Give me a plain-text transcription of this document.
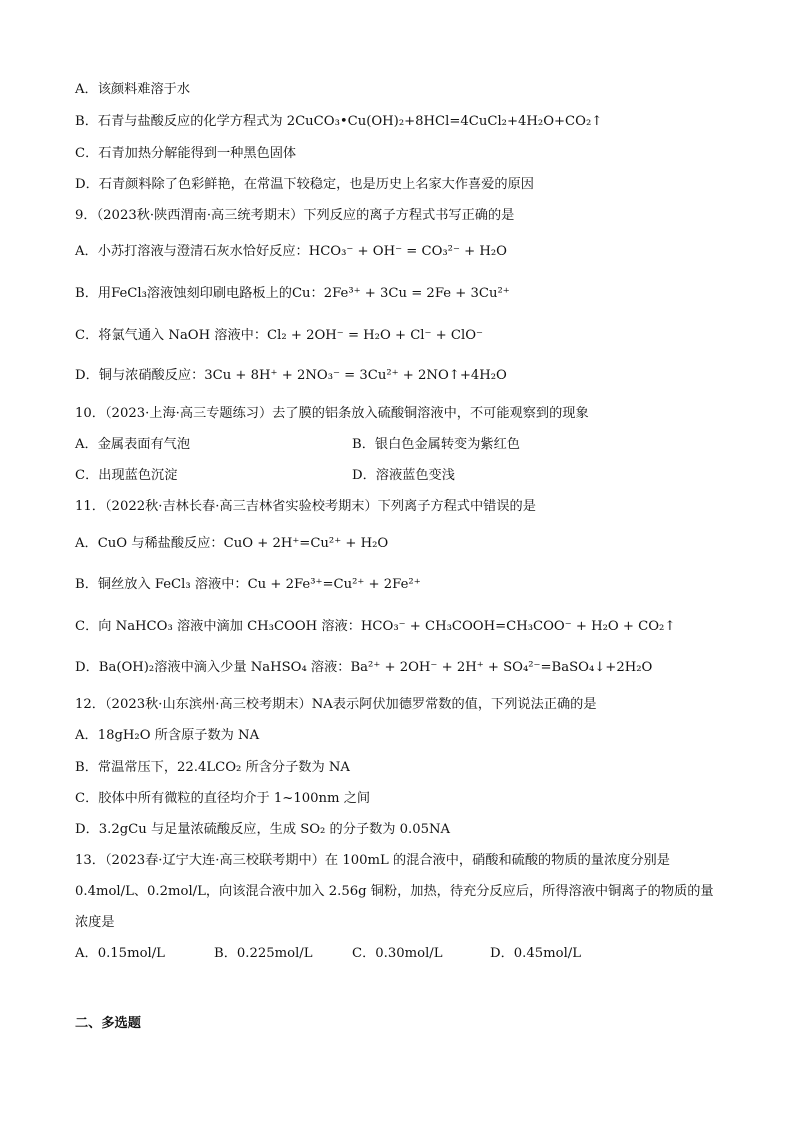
A．该颜料难溶于水
B．石青与盐酸反应的化学方程式为 2CuCO₃•Cu(OH)₂+8HCl=4CuCl₂+4H₂O+CO₂↑
C．石青加热分解能得到一种黑色固体
D．石青颜料除了色彩鲜艳，在常温下较稳定，也是历史上名家大作喜爱的原因
9．（2023秋·陕西渭南·高三统考期末）下列反应的离子方程式书写正确的是
A．小苏打溶液与澄清石灰水恰好反应：HCO₃⁻ + OH⁻ = CO₃²⁻ + H₂O
B．用FeCl₃溶液蚀刻印刷电路板上的Cu：2Fe³⁺ + 3Cu = 2Fe + 3Cu²⁺
C．将氯气通入 NaOH 溶液中：Cl₂ + 2OH⁻ = H₂O + Cl⁻ + ClO⁻
D．铜与浓硝酸反应：3Cu + 8H⁺ + 2NO₃⁻ = 3Cu²⁺ + 2NO↑+4H₂O
10．（2023·上海·高三专题练习）去了膜的铝条放入硫酸铜溶液中，不可能观察到的现象
A．金属表面有气泡	B．银白色金属转变为紫红色
C．出现蓝色沉淀	D．溶液蓝色变浅
11．（2022秋·吉林长春·高三吉林省实验校考期末）下列离子方程式中错误的是
A．CuO 与稀盐酸反应：CuO + 2H⁺=Cu²⁺ + H₂O
B．铜丝放入 FeCl₃ 溶液中：Cu + 2Fe³⁺=Cu²⁺ + 2Fe²⁺
C．向 NaHCO₃ 溶液中滴加 CH₃COOH 溶液：HCO₃⁻ + CH₃COOH=CH₃COO⁻ + H₂O + CO₂↑
D．Ba(OH)₂溶液中滴入少量 NaHSO₄ 溶液：Ba²⁺ + 2OH⁻ + 2H⁺ + SO₄²⁻=BaSO₄↓+2H₂O
12．（2023秋·山东滨州·高三校考期末）NA表示阿伏加德罗常数的值，下列说法正确的是
A．18gH₂O 所含原子数为 NA
B．常温常压下，22.4LCO₂ 所含分子数为 NA
C．胶体中所有微粒的直径均介于 1~100nm 之间
D．3.2gCu 与足量浓硫酸反应，生成 SO₂ 的分子数为 0.05NA
13．（2023春·辽宁大连·高三校联考期中）在 100mL 的混合液中，硝酸和硫酸的物质的量浓度分别是
0.4mol/L、0.2mol/L，向该混合液中加入 2.56g 铜粉，加热，待充分反应后，所得溶液中铜离子的物质的量
浓度是
A．0.15mol/L	B．0.225mol/L	C．0.30mol/L	D．0.45mol/L
二、多选题
